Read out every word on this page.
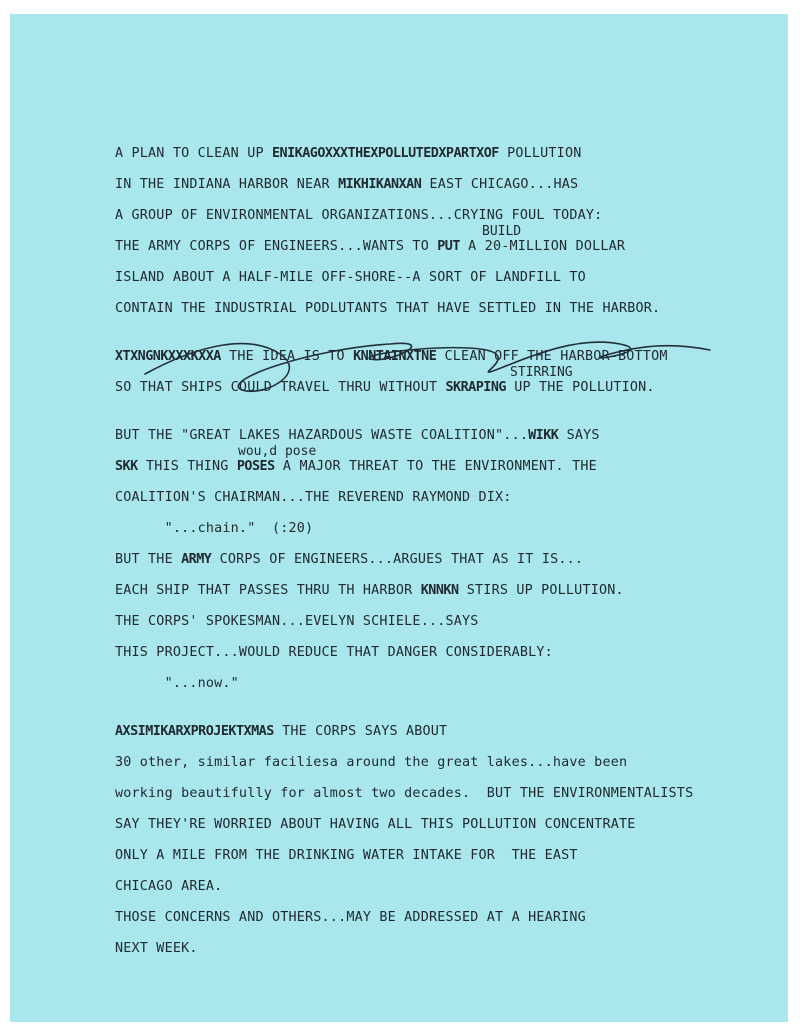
A PLAN TO CLEAN UP ENIKAGOXXXTHEXPOLLUTEDXPARTXOF POLLUTION
IN THE INDIANA HARBOR NEAR MIKHIKANXAN EAST CHICAGO...HAS
A GROUP OF ENVIRONMENTAL ORGANIZATIONS...CRYING FOUL TODAY:
BUILD
THE ARMY CORPS OF ENGINEERS...WANTS TO PUT A 20-MILLION DOLLAR
ISLAND ABOUT A HALF-MILE OFF-SHORE--A SORT OF LANDFILL TO
CONTAIN THE INDUSTRIAL PODLUTANTS THAT HAVE SETTLED IN THE HARBOR.
XTXNGNKXXXKXXA THE IDEA IS TO KNNTAINXTNE CLEAN OFF THE HARBOR-BOTTOM
STIRRING
SO THAT SHIPS COULD TRAVEL THRU WITHOUT SKRAPING UP THE POLLUTION.
BUT THE "GREAT LAKES HAZARDOUS WASTE COALITION"...WIKK SAYS
wou,d pose
SKK THIS THING POSES A MAJOR THREAT TO THE ENVIRONMENT. THE
COALITION'S CHAIRMAN...THE REVEREND RAYMOND DIX:
"...chain."  (:20)
BUT THE ARMY CORPS OF ENGINEERS...ARGUES THAT AS IT IS...
EACH SHIP THAT PASSES THRU TH HARBOR KNNKN STIRS UP POLLUTION.
THE CORPS' SPOKESMAN...EVELYN SCHIELE...SAYS
THIS PROJECT...WOULD REDUCE THAT DANGER CONSIDERABLY:
"...now."
AXSIMIKARXPROJEKTXMAS THE CORPS SAYS ABOUT
30 other, similar faciliesa around the great lakes...have been
working beautifully for almost two decades.  BUT THE ENVIRONMENTALISTS
SAY THEY'RE WORRIED ABOUT HAVING ALL THIS POLLUTION CONCENTRATE
ONLY A MILE FROM THE DRINKING WATER INTAKE FOR  THE EAST
CHICAGO AREA.
THOSE CONCERNS AND OTHERS...MAY BE ADDRESSED AT A HEARING
NEXT WEEK.
